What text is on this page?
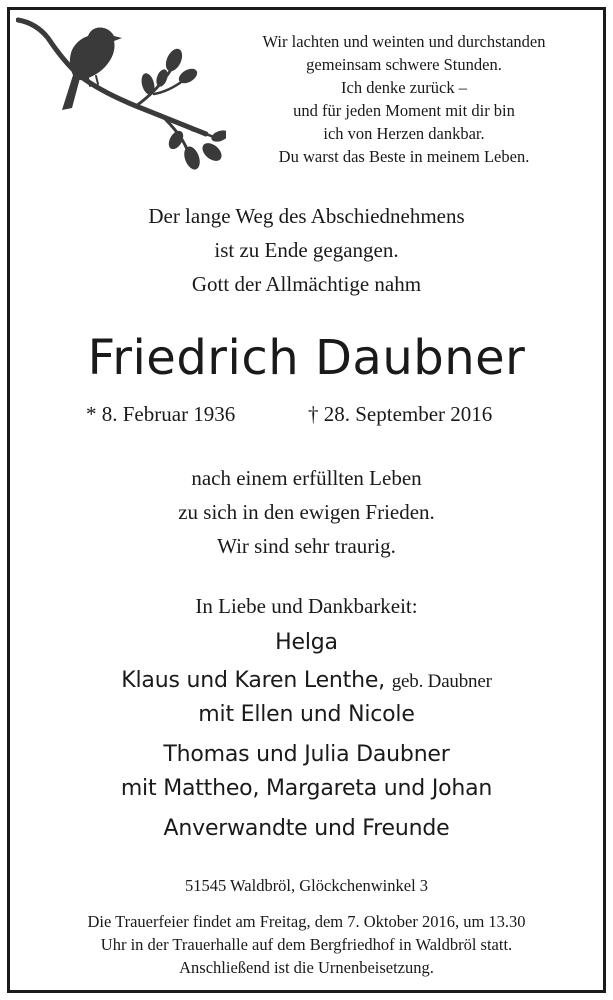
Wir lachten und weinten und durchstanden
gemeinsam schwere Stunden.
Ich denke zurück –
und für jeden Moment mit dir bin
ich von Herzen dankbar.
Du warst das Beste in meinem Leben.
Der lange Weg des Abschiednehmens
ist zu Ende gegangen.
Gott der Allmächtige nahm
Friedrich Daubner
* 8. Februar 1936	† 28. September 2016
nach einem erfüllten Leben
zu sich in den ewigen Frieden.
Wir sind sehr traurig.
In Liebe und Dankbarkeit:
Helga
Klaus und Karen Lenthe, geb. Daubner
mit Ellen und Nicole
Thomas und Julia Daubner
mit Mattheo, Margareta und Johan
Anverwandte und Freunde
51545 Waldbröl, Glöckchenwinkel 3
Die Trauerfeier findet am Freitag, dem 7. Oktober 2016, um 13.30
Uhr in der Trauerhalle auf dem Bergfriedhof in Waldbröl statt.
Anschließend ist die Urnenbeisetzung.
